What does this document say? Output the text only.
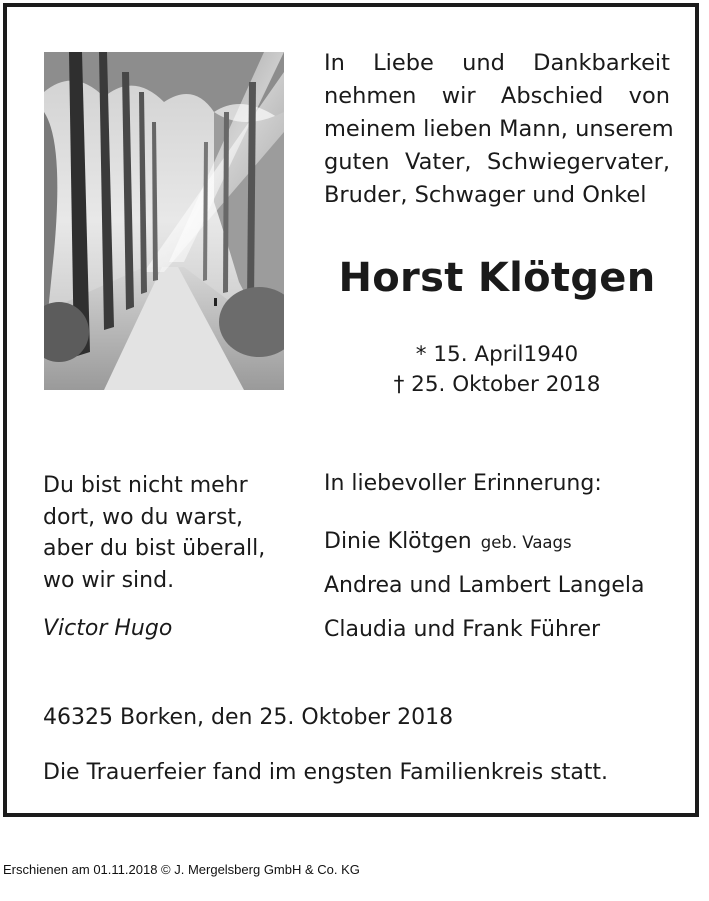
In Liebe und Dankbarkeit
nehmen wir Abschied von
meinem lieben Mann, unserem
guten Vater, Schwiegervater,
Bruder, Schwager und Onkel
Horst Klötgen
* 15. April1940
† 25. Oktober 2018
Du bist nicht mehr
dort, wo du warst,
aber du bist überall,
wo wir sind.
Victor Hugo
In liebevoller Erinnerung:
Dinie Klötgen geb. Vaags
Andrea und Lambert Langela
Claudia und Frank Führer
46325 Borken, den 25. Oktober 2018
Die Trauerfeier fand im engsten Familienkreis statt.
Erschienen am 01.11.2018 © J. Mergelsberg GmbH & Co. KG
